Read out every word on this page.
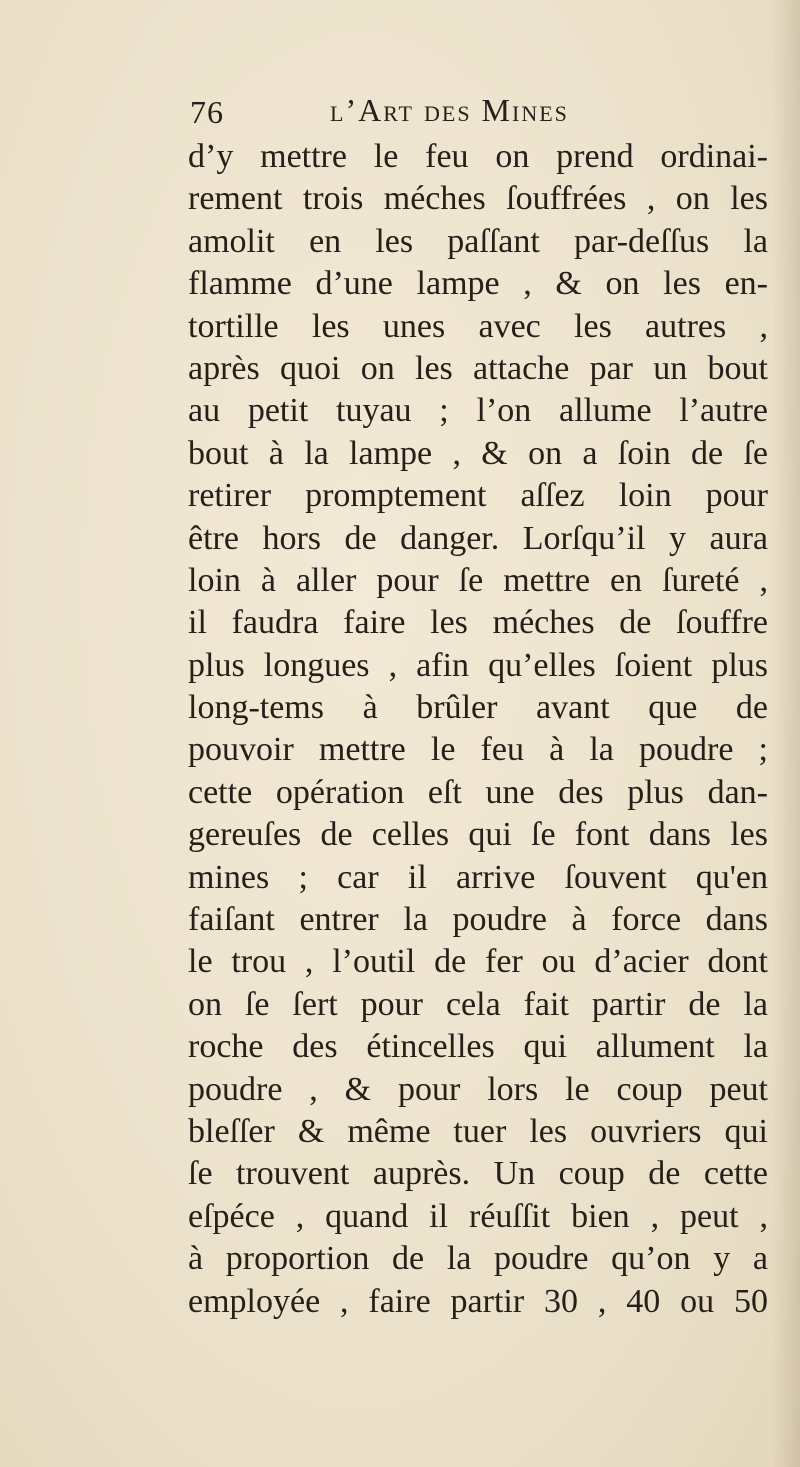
76	l’Art des Mines
d’y mettre le feu on prend ordinai-
rement trois méches ſouffrées , on les
amolit en les paſſant par-deſſus la
flamme d’une lampe , & on les en-
tortille les unes avec les autres ,
après quoi on les attache par un bout
au petit tuyau ; l’on allume l’autre
bout à la lampe , & on a ſoin de ſe
retirer promptement aſſez loin pour
être hors de danger. Lorſqu’il y aura
loin à aller pour ſe mettre en ſureté ,
il faudra faire les méches de ſouffre
plus longues , afin qu’elles ſoient plus
long-tems à brûler avant que de
pouvoir mettre le feu à la poudre ;
cette opération eſt une des plus dan-
gereuſes de celles qui ſe font dans les
mines ; car il arrive ſouvent qu'en
faiſant entrer la poudre à force dans
le trou , l’outil de fer ou d’acier dont
on ſe ſert pour cela fait partir de la
roche des étincelles qui allument la
poudre , & pour lors le coup peut
bleſſer & même tuer les ouvriers qui
ſe trouvent auprès. Un coup de cette
eſpéce , quand il réuſſit bien , peut ,
à proportion de la poudre qu’on y a
employée , faire partir 30 , 40 ou 50
